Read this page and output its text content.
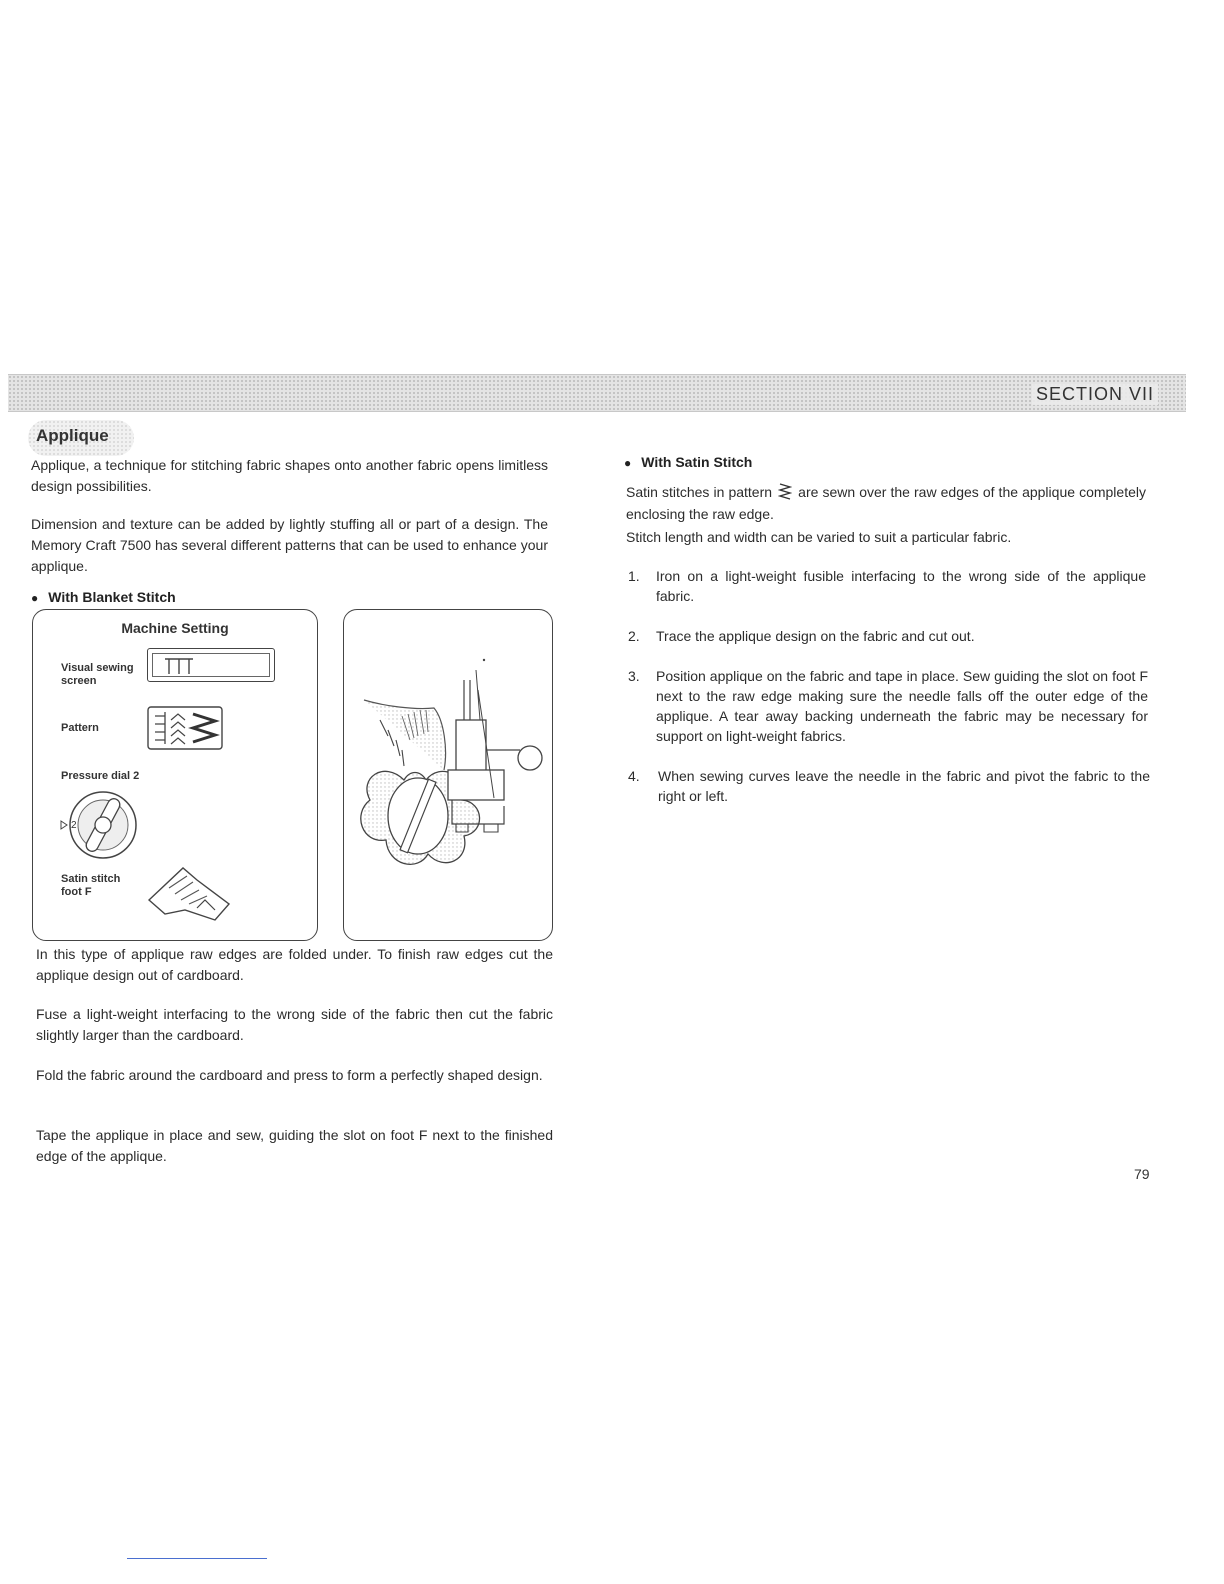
SECTION VII
Applique

Applique, a technique for stitching fabric shapes onto another fabric opens limitless design possibilities.

Dimension and texture can be added by lightly stuffing all or part of a design. The Memory Craft 7500 has several different patterns that can be used to enhance your applique.

● With Blanket Stitch
Machine Setting
Visual sewing screen
Pattern
Pressure dial 2
2
Satin stitch foot F

In this type of applique raw edges are folded under. To finish raw edges cut the applique design out of cardboard.

Fuse a light-weight interfacing to the wrong side of the fabric then cut the fabric slightly larger than the cardboard.

Fold the fabric around the cardboard and press to form a perfectly shaped design.

Tape the applique in place and sew, guiding the slot on foot F next to the finished edge of the applique.

● With Satin Stitch

Satin stitches in pattern are sewn over the raw edges of the applique completely enclosing the raw edge.

Stitch length and width can be varied to suit a particular fabric.

1. Iron on a light-weight fusible interfacing to the wrong side of the applique fabric.

2. Trace the applique design on the fabric and cut out.

3. Position applique on the fabric and tape in place. Sew guiding the slot on foot F next to the raw edge making sure the needle falls off the outer edge of the applique. A tear away backing underneath the fabric may be necessary for support on light-weight fabrics.

4. When sewing curves leave the needle in the fabric and pivot the fabric to the right or left.

79
